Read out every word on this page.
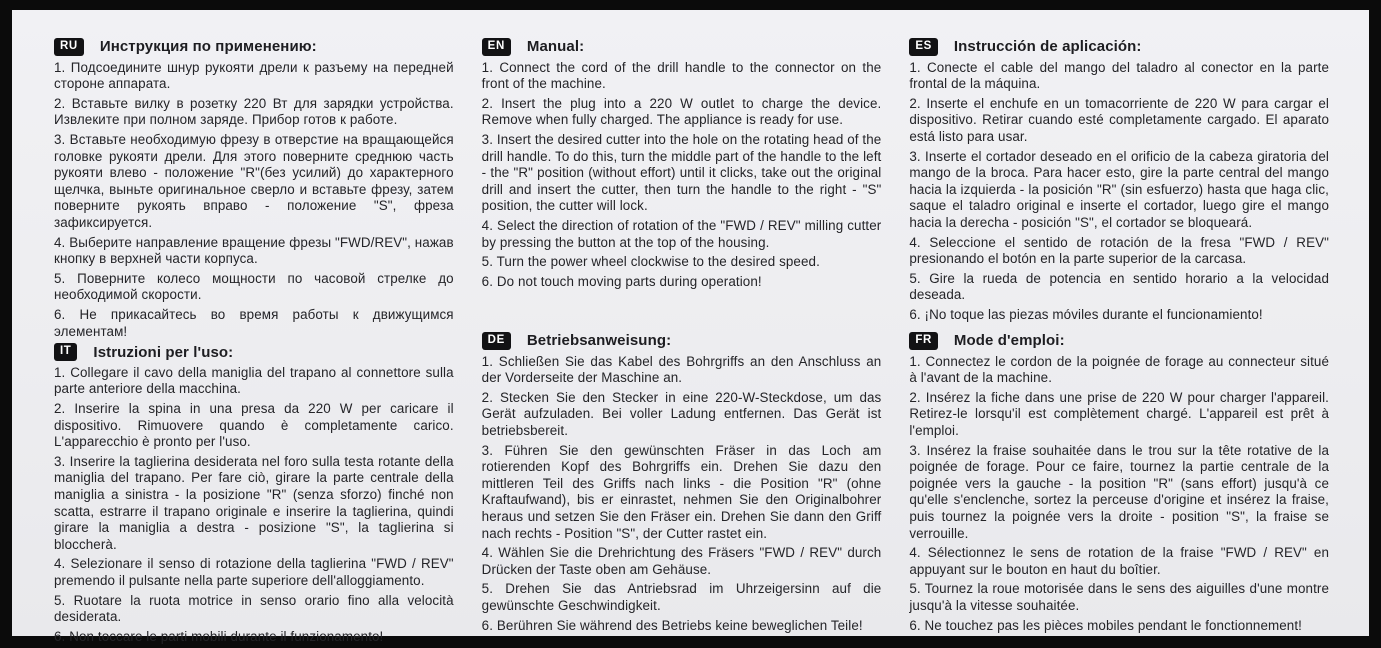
RU	Инструкция по применению:

1. Подсоедините шнур рукояти дрели к разъему на передней стороне аппарата.

2. Вставьте вилку в розетку 220 Вт для зарядки устройства. Извлеките при полном заряде. Прибор готов к работе.

3. Вставьте необходимую фрезу в отверстие на вращающейся головке рукояти дрели. Для этого поверните среднюю часть рукояти влево - положение "R"(без усилий) до характерного щелчка, выньте оригинальное сверло и вставьте фрезу, затем поверните рукоять вправо - положение "S", фреза зафиксируется.

4. Выберите направление вращение фрезы "FWD/REV", нажав кнопку в верхней части корпуса.

5. Поверните колесо мощности по часовой стрелке до необходимой скорости.

6. Не прикасайтесь во время работы к движущимся элементам!

IT	Istruzioni per l'uso:

1. Collegare il cavo della maniglia del trapano al connettore sulla parte anteriore della macchina.

2. Inserire la spina in una presa da 220 W per caricare il dispositivo. Rimuovere quando è completamente carico. L'apparecchio è pronto per l'uso.

3. Inserire la taglierina desiderata nel foro sulla testa rotante della maniglia del trapano. Per fare ciò, girare la parte centrale della maniglia a sinistra - la posizione "R" (senza sforzo) finché non scatta, estrarre il trapano originale e inserire la taglierina, quindi girare la maniglia a destra - posizione "S", la taglierina si bloccherà.

4. Selezionare il senso di rotazione della taglierina "FWD / REV" premendo il pulsante nella parte superiore dell'alloggiamento.

5. Ruotare la ruota motrice in senso orario fino alla velocità desiderata.

6. Non toccare le parti mobili durante il funzionamento!

EN	Manual:

1. Connect the cord of the drill handle to the connector on the front of the machine.

2. Insert the plug into a 220 W outlet to charge the device. Remove when fully charged. The appliance is ready for use.

3. Insert the desired cutter into the hole on the rotating head of the drill handle. To do this, turn the middle part of the handle to the left - the "R" position (without effort) until it clicks, take out the original drill and insert the cutter, then turn the handle to the right - "S" position, the cutter will lock.

4. Select the direction of rotation of the "FWD / REV" milling cutter by pressing the button at the top of the housing.

5. Turn the power wheel clockwise to the desired speed.

6. Do not touch moving parts during operation!

DE	Betriebsanweisung:

1. Schließen Sie das Kabel des Bohrgriffs an den Anschluss an der Vorderseite der Maschine an.

2. Stecken Sie den Stecker in eine 220-W-Steckdose, um das Gerät aufzuladen. Bei voller Ladung entfernen. Das Gerät ist betriebsbereit.

3. Führen Sie den gewünschten Fräser in das Loch am rotierenden Kopf des Bohrgriffs ein. Drehen Sie dazu den mittleren Teil des Griffs nach links - die Position "R" (ohne Kraftaufwand), bis er einrastet, nehmen Sie den Originalbohrer heraus und setzen Sie den Fräser ein. Drehen Sie dann den Griff nach rechts - Position "S", der Cutter rastet ein.

4. Wählen Sie die Drehrichtung des Fräsers "FWD / REV" durch Drücken der Taste oben am Gehäuse.

5. Drehen Sie das Antriebsrad im Uhrzeigersinn auf die gewünschte Geschwindigkeit.

6. Berühren Sie während des Betriebs keine beweglichen Teile!

ES	Instrucción de aplicación:

1. Conecte el cable del mango del taladro al conector en la parte frontal de la máquina.

2. Inserte el enchufe en un tomacorriente de 220 W para cargar el dispositivo. Retirar cuando esté completamente cargado. El aparato está listo para usar.

3. Inserte el cortador deseado en el orificio de la cabeza giratoria del mango de la broca. Para hacer esto, gire la parte central del mango hacia la izquierda - la posición "R" (sin esfuerzo) hasta que haga clic, saque el taladro original e inserte el cortador, luego gire el mango hacia la derecha - posición "S", el cortador se bloqueará.

4. Seleccione el sentido de rotación de la fresa "FWD / REV" presionando el botón en la parte superior de la carcasa.

5. Gire la rueda de potencia en sentido horario a la velocidad deseada.

6. ¡No toque las piezas móviles durante el funcionamiento!

FR	Mode d'emploi:

1. Connectez le cordon de la poignée de forage au connecteur situé à l'avant de la machine.

2. Insérez la fiche dans une prise de 220 W pour charger l'appareil. Retirez-le lorsqu'il est complètement chargé. L'appareil est prêt à l'emploi.

3. Insérez la fraise souhaitée dans le trou sur la tête rotative de la poignée de forage. Pour ce faire, tournez la partie centrale de la poignée vers la gauche - la position "R" (sans effort) jusqu'à ce qu'elle s'enclenche, sortez la perceuse d'origine et insérez la fraise, puis tournez la poignée vers la droite - position "S", la fraise se verrouille.

4. Sélectionnez le sens de rotation de la fraise "FWD / REV" en appuyant sur le bouton en haut du boîtier.

5. Tournez la roue motorisée dans le sens des aiguilles d'une montre jusqu'à la vitesse souhaitée.

6. Ne touchez pas les pièces mobiles pendant le fonctionnement!
